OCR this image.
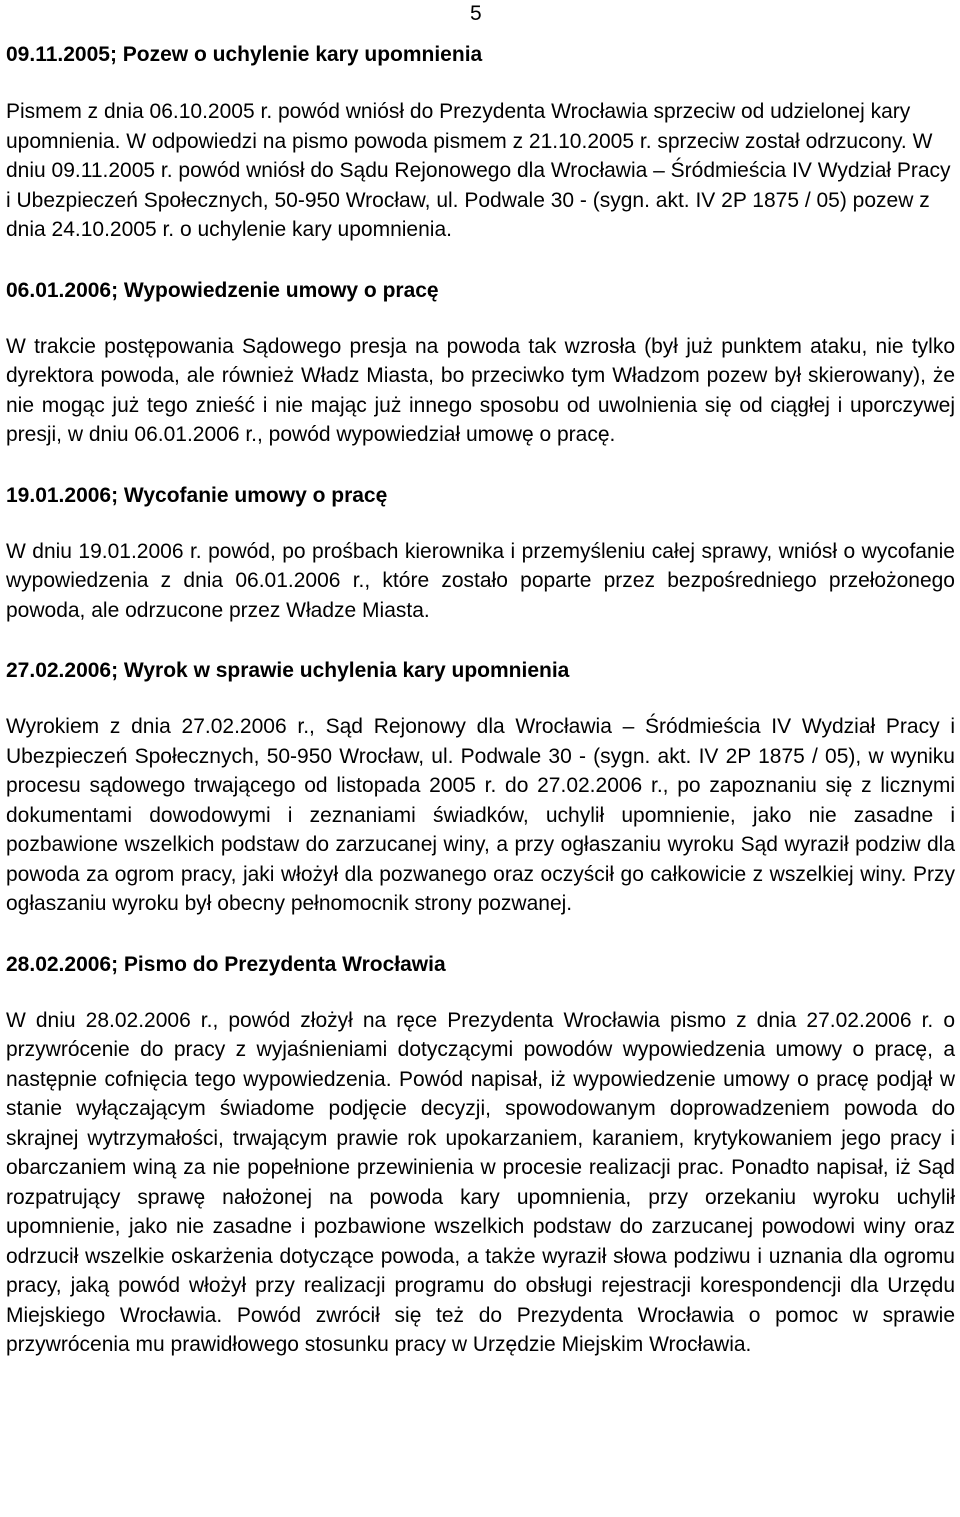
5
09.11.2005; Pozew o uchylenie kary upomnienia

Pismem z dnia 06.10.2005 r. powód wniósł do Prezydenta Wrocławia sprzeciw od udzielonej kary upomnienia. W odpowiedzi na pismo powoda pismem z 21.10.2005 r. sprzeciw został odrzucony. W dniu 09.11.2005 r. powód wniósł do Sądu Rejonowego dla Wrocławia – Śródmieścia IV Wydział Pracy i Ubezpieczeń Społecznych, 50-950 Wrocław, ul. Podwale 30 - (sygn. akt. IV 2P 1875 / 05) pozew z dnia 24.10.2005 r. o uchylenie kary upomnienia.

06.01.2006; Wypowiedzenie umowy o pracę

W trakcie postępowania Sądowego presja na powoda tak wzrosła (był już punktem ataku, nie tylko dyrektora powoda, ale również Władz Miasta, bo przeciwko tym Władzom pozew był skierowany), że nie mogąc już tego znieść i nie mając już innego sposobu od uwolnienia się od ciągłej i uporczywej presji, w dniu 06.01.2006 r., powód wypowiedział umowę o pracę.

19.01.2006; Wycofanie umowy o pracę

W dniu 19.01.2006 r. powód, po prośbach kierownika i przemyśleniu całej sprawy, wniósł o wycofanie wypowiedzenia z dnia 06.01.2006 r., które zostało poparte przez bezpośredniego przełożonego powoda, ale odrzucone przez Władze Miasta.

27.02.2006; Wyrok w sprawie uchylenia kary upomnienia

Wyrokiem z dnia 27.02.2006 r., Sąd Rejonowy dla Wrocławia – Śródmieścia IV Wydział Pracy i Ubezpieczeń Społecznych, 50-950 Wrocław, ul. Podwale 30 - (sygn. akt. IV 2P 1875 / 05), w wyniku procesu sądowego trwającego od listopada 2005 r. do 27.02.2006 r., po zapoznaniu się z licznymi dokumentami dowodowymi i zeznaniami świadków, uchylił upomnienie, jako nie zasadne i pozbawione wszelkich podstaw do zarzucanej winy, a przy ogłaszaniu wyroku Sąd wyraził podziw dla powoda za ogrom pracy, jaki włożył dla pozwanego oraz oczyścił go całkowicie z wszelkiej winy. Przy ogłaszaniu wyroku był obecny pełnomocnik strony pozwanej.

28.02.2006; Pismo do Prezydenta Wrocławia

W dniu 28.02.2006 r., powód złożył na ręce Prezydenta Wrocławia pismo z dnia 27.02.2006 r. o przywrócenie do pracy z wyjaśnieniami dotyczącymi powodów wypowiedzenia umowy o pracę, a następnie cofnięcia tego wypowiedzenia. Powód napisał, iż wypowiedzenie umowy o pracę podjął w stanie wyłączającym świadome podjęcie decyzji, spowodowanym doprowadzeniem powoda do skrajnej wytrzymałości, trwającym prawie rok upokarzaniem, karaniem, krytykowaniem jego pracy i obarczaniem winą za nie popełnione przewinienia w procesie realizacji prac. Ponadto napisał, iż Sąd rozpatrujący sprawę nałożonej na powoda kary upomnienia, przy orzekaniu wyroku uchylił upomnienie, jako nie zasadne i pozbawione wszelkich podstaw do zarzucanej powodowi winy oraz odrzucił wszelkie oskarżenia dotyczące powoda, a także wyraził słowa podziwu i uznania dla ogromu pracy, jaką powód włożył przy realizacji programu do obsługi rejestracji korespondencji dla Urzędu Miejskiego Wrocławia. Powód zwrócił się też do Prezydenta Wrocławia o pomoc w sprawie przywrócenia mu prawidłowego stosunku pracy w Urzędzie Miejskim Wrocławia.
